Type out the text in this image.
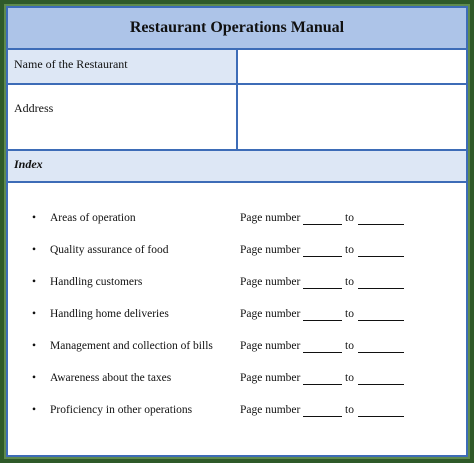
Restaurant Operations Manual
Name of the Restaurant
Address
Index
• Areas of operation	Page number	to
• Quality assurance of food	Page number	to
• Handling customers	Page number	to
• Handling home deliveries	Page number	to
• Management and collection of bills Page number	to
• Awareness about the taxes	Page number	to
• Proficiency in other operations	Page number	to
